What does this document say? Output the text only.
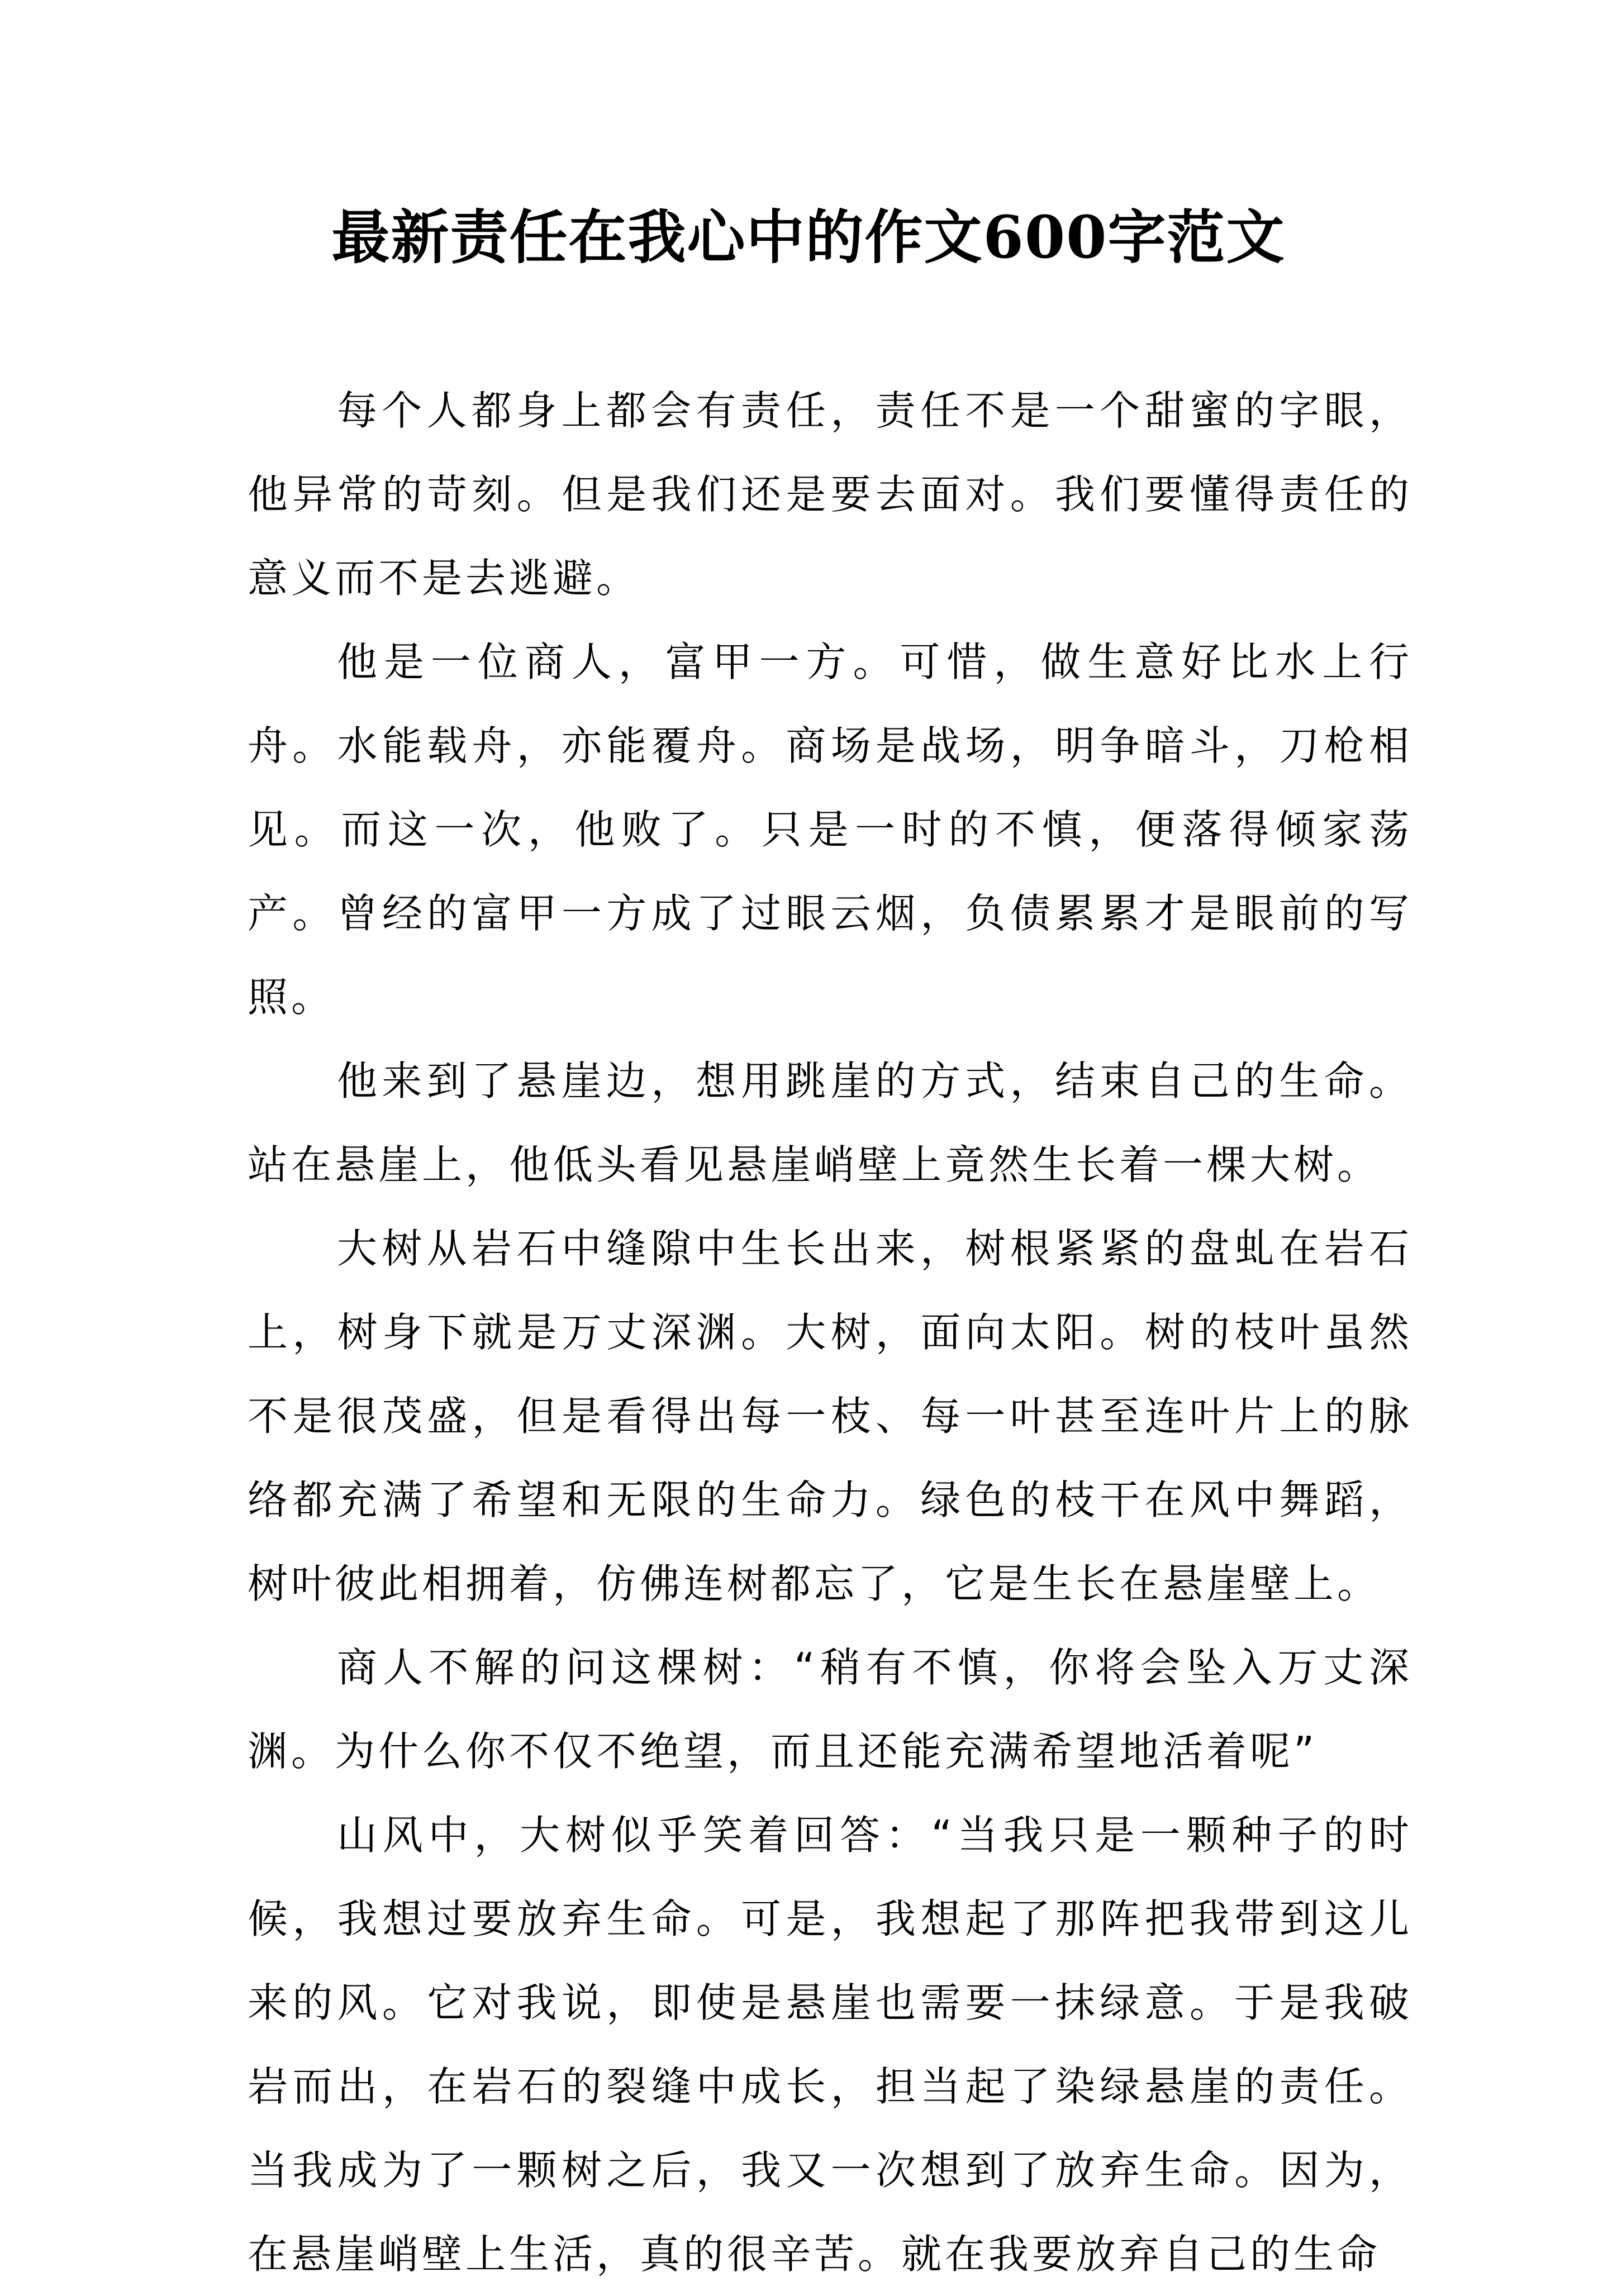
最新责任在我心中的作文600字范文

每个人都身上都会有责任，责任不是一个甜蜜的字眼，他异常的苛刻。但是我们还是要去面对。我们要懂得责任的意义而不是去逃避。

他是一位商人，富甲一方。可惜，做生意好比水上行舟。水能载舟，亦能覆舟。商场是战场，明争暗斗，刀枪相见。而这一次，他败了。只是一时的不慎，便落得倾家荡产。曾经的富甲一方成了过眼云烟，负债累累才是眼前的写照。

他来到了悬崖边，想用跳崖的方式，结束自己的生命。站在悬崖上，他低头看见悬崖峭壁上竟然生长着一棵大树。

大树从岩石中缝隙中生长出来，树根紧紧的盘虬在岩石上，树身下就是万丈深渊。大树，面向太阳。树的枝叶虽然不是很茂盛，但是看得出每一枝、每一叶甚至连叶片上的脉络都充满了希望和无限的生命力。绿色的枝干在风中舞蹈，树叶彼此相拥着，仿佛连树都忘了，它是生长在悬崖壁上。

商人不解的问这棵树：“稍有不慎，你将会坠入万丈深渊。为什么你不仅不绝望，而且还能充满希望地活着呢”

山风中，大树似乎笑着回答：“当我只是一颗种子的时候，我想过要放弃生命。可是，我想起了那阵把我带到这儿来的风。它对我说，即使是悬崖也需要一抹绿意。于是我破岩而出，在岩石的裂缝中成长，担当起了染绿悬崖的责任。当我成为了一颗树之后，我又一次想到了放弃生命。因为，在悬崖峭壁上生活，真的很辛苦。就在我要放弃自己的生命
